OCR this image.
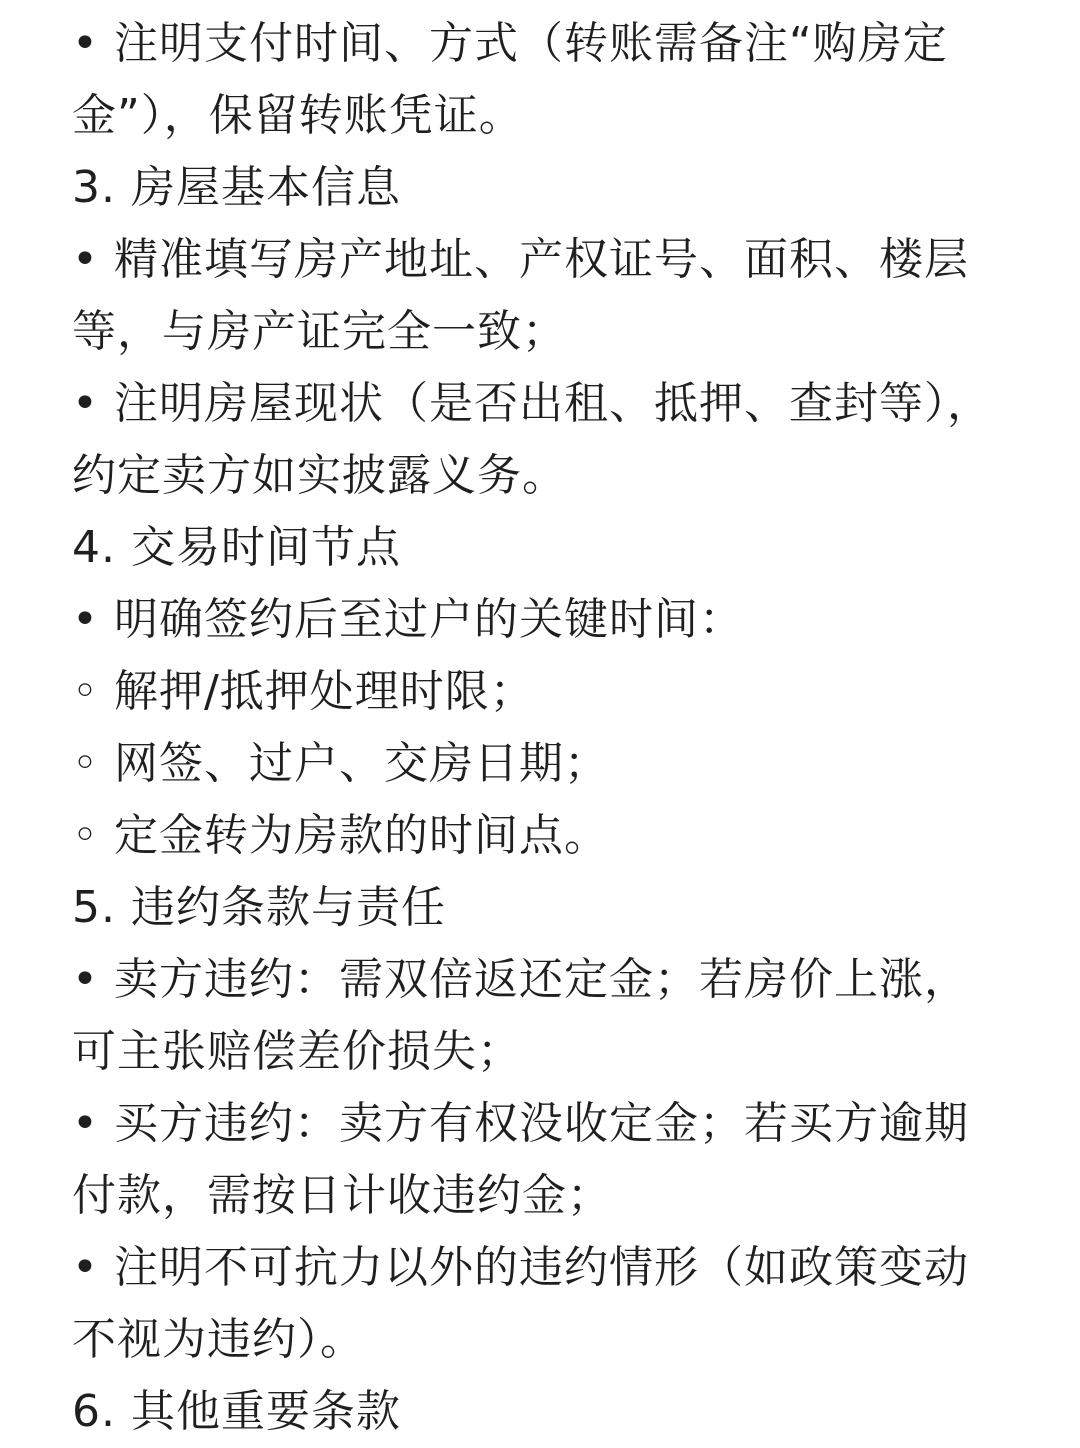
• 注明支付时间、方式（转账需备注“购房定
金”），保留转账凭证。
3. 房屋基本信息
• 精准填写房产地址、产权证号、面积、楼层
等，与房产证完全一致；
• 注明房屋现状（是否出租、抵押、查封等），
约定卖方如实披露义务。
4. 交易时间节点
• 明确签约后至过户的关键时间：
◦ 解押/抵押处理时限；
◦ 网签、过户、交房日期；
◦ 定金转为房款的时间点。
5. 违约条款与责任
• 卖方违约：需双倍返还定金；若房价上涨，
可主张赔偿差价损失；
• 买方违约：卖方有权没收定金；若买方逾期
付款，需按日计收违约金；
• 注明不可抗力以外的违约情形（如政策变动
不视为违约）。
6. 其他重要条款
